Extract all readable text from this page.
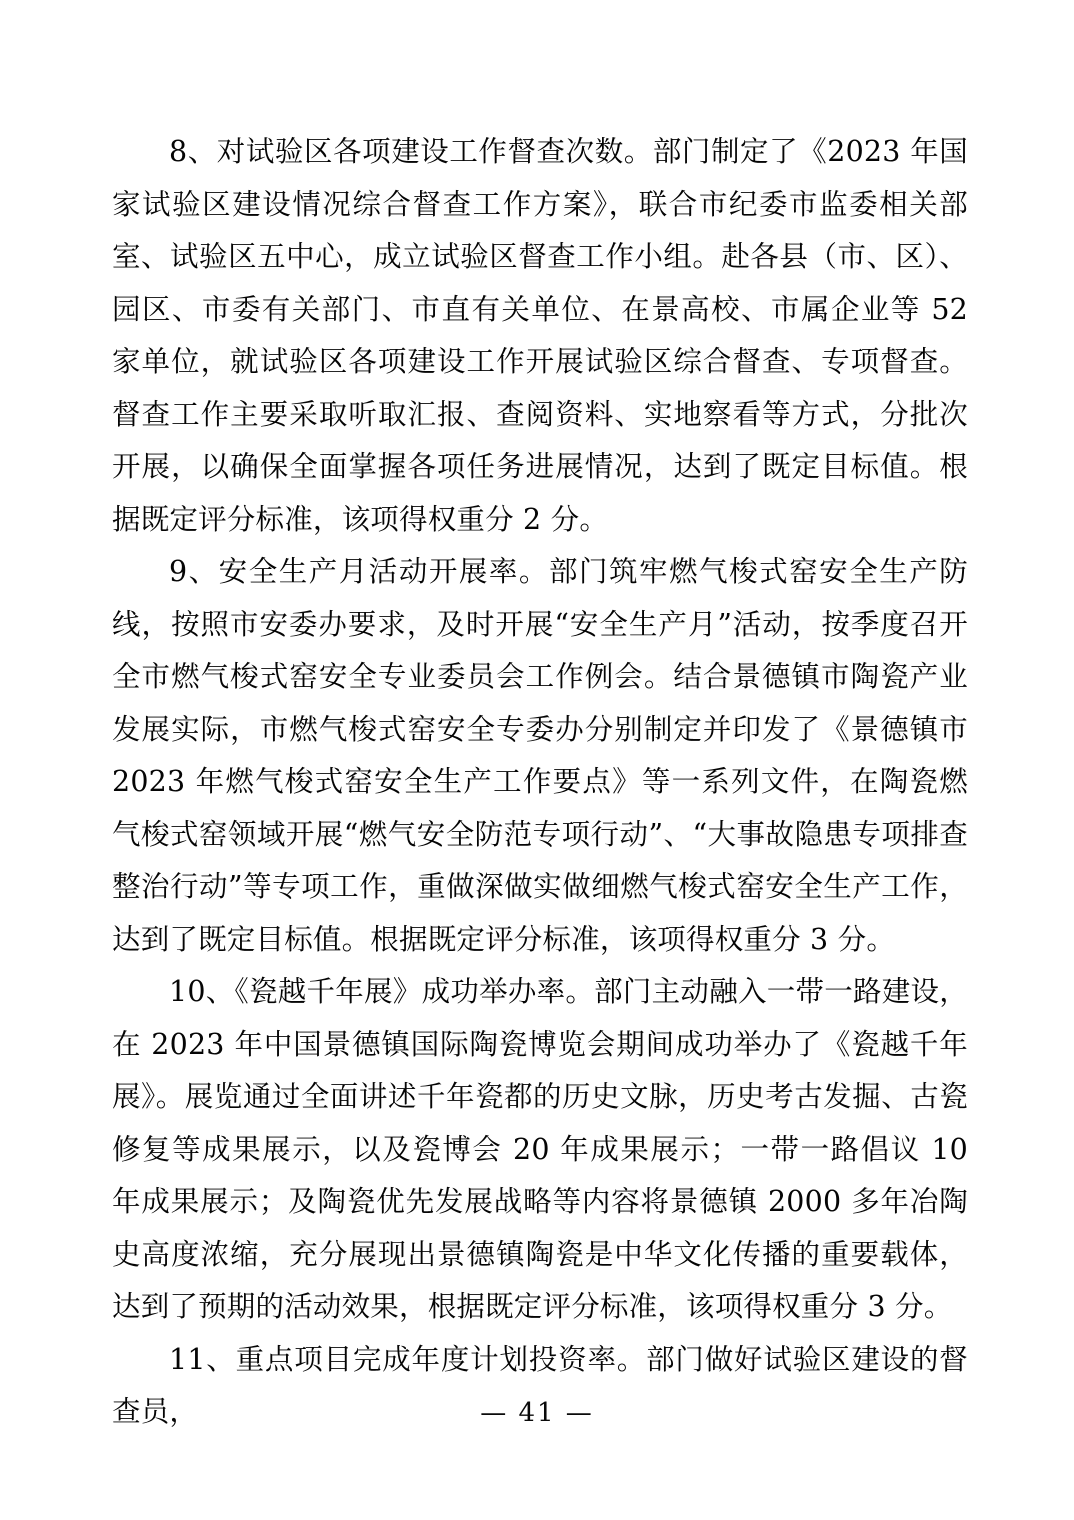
8、对试验区各项建设工作督查次数。部门制定了《2023 年国家试验区建设情况综合督查工作方案》，联合市纪委市监委相关部室、试验区五中心，成立试验区督查工作小组。赴各县（市、区）、园区、市委有关部门、市直有关单位、在景高校、市属企业等 52 家单位，就试验区各项建设工作开展试验区综合督查、专项督查。督查工作主要采取听取汇报、查阅资料、实地察看等方式，分批次开展，以确保全面掌握各项任务进展情况，达到了既定目标值。根据既定评分标准，该项得权重分 2 分。

9、安全生产月活动开展率。部门筑牢燃气梭式窑安全生产防线，按照市安委办要求，及时开展“安全生产月”活动，按季度召开全市燃气梭式窑安全专业委员会工作例会。结合景德镇市陶瓷产业发展实际，市燃气梭式窑安全专委办分别制定并印发了《景德镇市 2023 年燃气梭式窑安全生产工作要点》等一系列文件，在陶瓷燃气梭式窑领域开展“燃气安全防范专项行动”、“大事故隐患专项排查整治行动”等专项工作，重做深做实做细燃气梭式窑安全生产工作，达到了既定目标值。根据既定评分标准，该项得权重分 3 分。

10、《瓷越千年展》成功举办率。部门主动融入一带一路建设，在 2023 年中国景德镇国际陶瓷博览会期间成功举办了《瓷越千年展》。展览通过全面讲述千年瓷都的历史文脉，历史考古发掘、古瓷修复等成果展示，以及瓷博会 20 年成果展示；一带一路倡议 10 年成果展示；及陶瓷优先发展战略等内容将景德镇 2000 多年冶陶史高度浓缩，充分展现出景德镇陶瓷是中华文化传播的重要载体，达到了预期的活动效果，根据既定评分标准，该项得权重分 3 分。

11、重点项目完成年度计划投资率。部门做好试验区建设的督查员，	— 41 —
